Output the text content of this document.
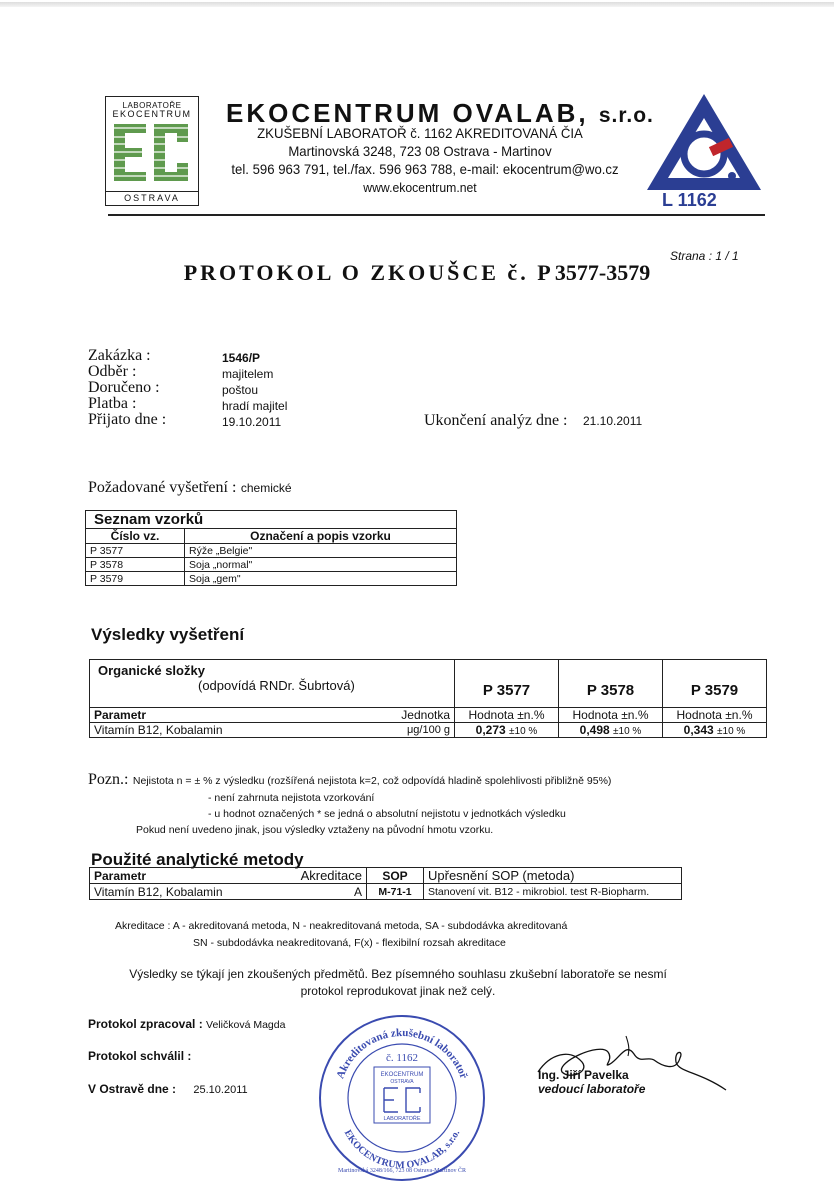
LABORATOŘE
EKOCENTRUM
OSTRAVA
EKOCENTRUM OVALAB, s.r.o.
ZKUŠEBNÍ LABORATOŘ č. 1162 AKREDITOVANÁ ČIA
Martinovská 3248, 723 08 Ostrava - Martinov
tel. 596 963 791, tel./fax. 596 963 788, e-mail: ekocentrum@wo.cz
www.ekocentrum.net
L 1162
Strana : 1 / 1
PROTOKOL O ZKOUŠCE č. P 3577-3579
Zakázka :	1546/P
Odběr :	majitelem
Doručeno :	poštou
Platba :	hradí majitel
Přijato dne :	19.10.2011	Ukončení analýz dne : 21.10.2011
Požadované vyšetření : chemické
Seznam vzorků	
Číslo vz.	Označení a popis vzorku
P 3577	Rýže „Belgie"
P 3578	Soja „normal"
P 3579	Soja „gem"
Výsledky vyšetření
Organické složky
(odpovídá RNDr. Šubrtová)		P 3577	P 3578	P 3579
Parametr	Jednotka	Hodnota ±n.%	Hodnota ±n.%	Hodnota ±n.%
Vitamín B12, Kobalamin	μg/100 g	0,273 ±10 %	0,498 ±10 %	0,343 ±10 %
Pozn.: Nejistota n = ± % z výsledku (rozšířená nejistota k=2, což odpovídá hladině spolehlivosti přibližně 95%)
- není zahrnuta nejistota vzorkování
- u hodnot označených * se jedná o absolutní nejistotu v jednotkách výsledku
Pokud není uvedeno jinak, jsou výsledky vztaženy na původní hmotu vzorku.
Použité analytické metody
Parametr	Akreditace	SOP	Upřesnění SOP (metoda)
Vitamín B12, Kobalamin	A	M-71-1	Stanovení vit. B12 - mikrobiol. test R-Biopharm.
Akreditace : A - akreditovaná metoda, N - neakreditovaná metoda, SA - subdodávka akreditovaná
SN - subdodávka neakreditovaná, F(x) - flexibilní rozsah akreditace
Výsledky se týkají jen zkoušených předmětů. Bez písemného souhlasu zkušební laboratoře se nesmí
protokol reprodukovat jinak než celý.
Protokol zpracoval : Veličková Magda
Protokol schválil :
V Ostravě dne : 25.10.2011
Akreditovaná zkušební laboratoř
EKOCENTRUM OVALAB, s.r.o.
č. 1162
EKOCENTRUM
OSTRAVA
LABORATOŘE
Martinovská 3248/166, 723 08 Ostrava-Martinov ČR
Ing. Jiří Pavelka
vedoucí laboratoře
